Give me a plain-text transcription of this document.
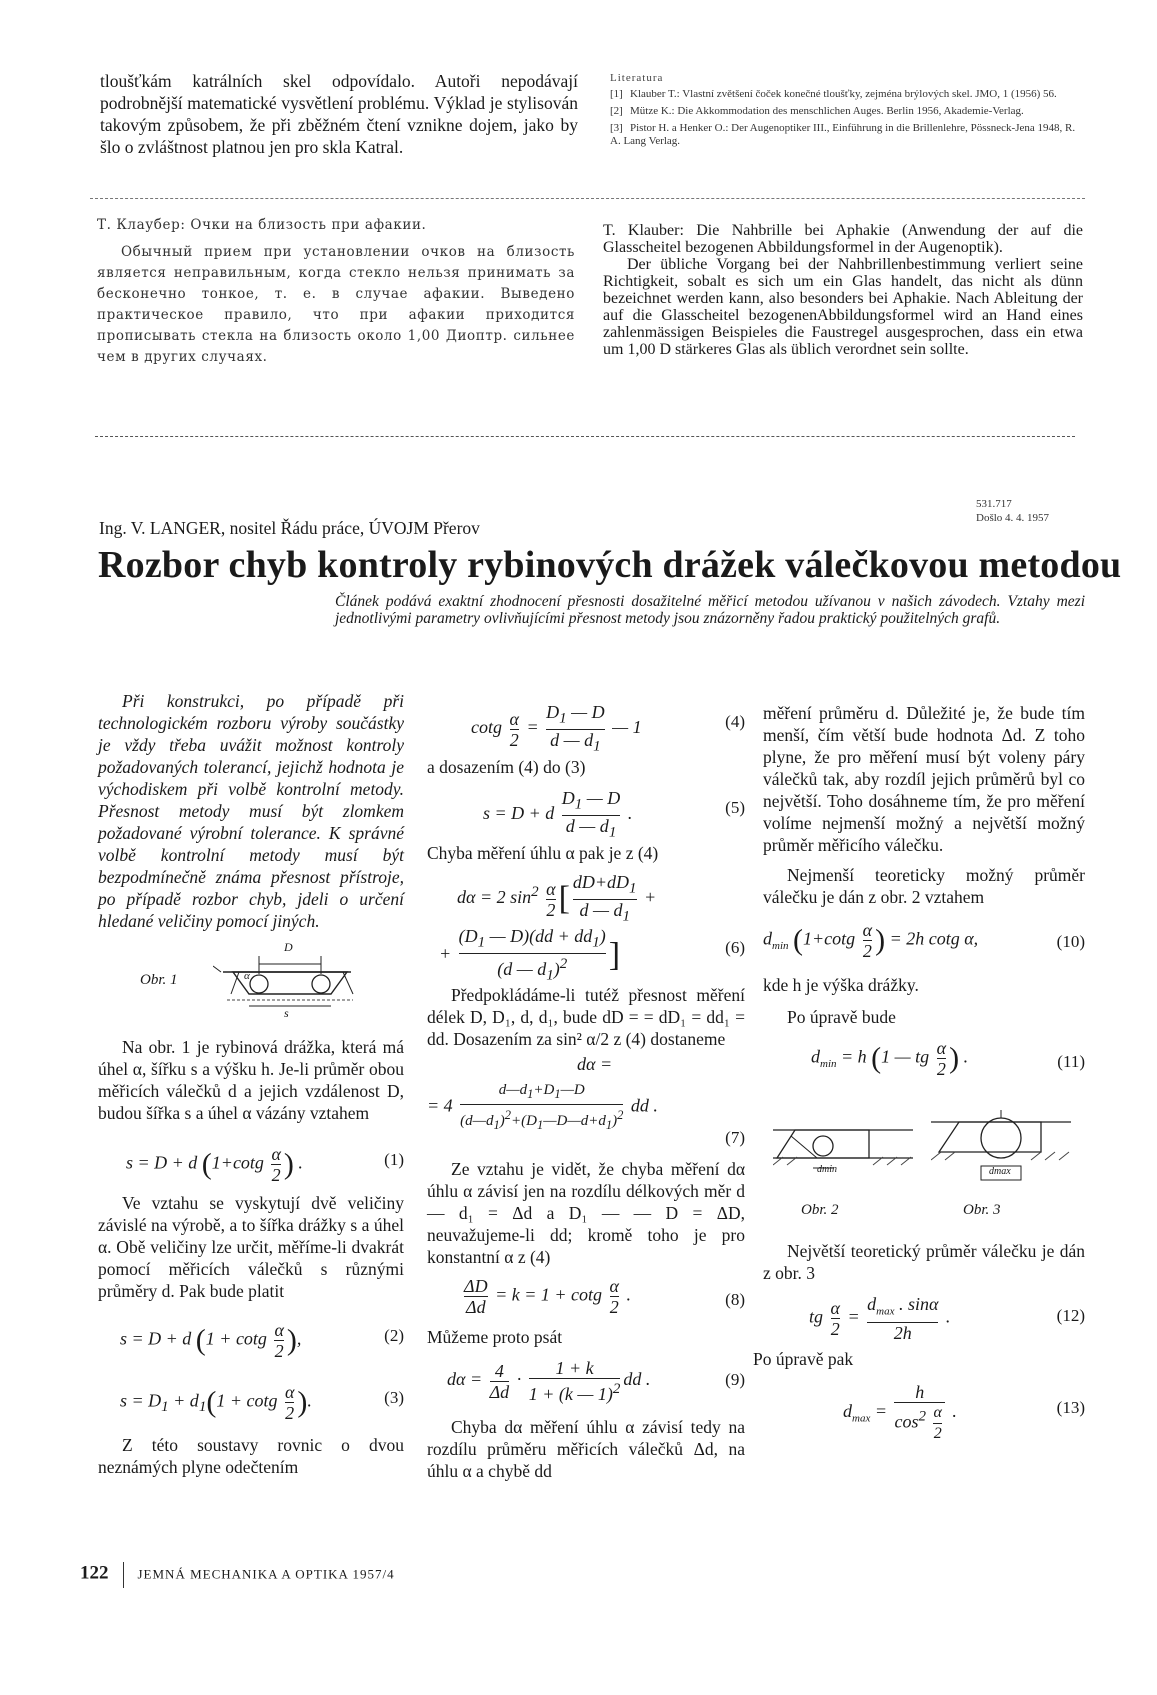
tloušťkám katrálních skel odpovídalo. Autoři nepodávají podrobnější matematické vysvětlení problému. Výklad je stylisován takovým způsobem, že při zběžném čtení vznikne dojem, jako by šlo o zvláštnost platnou jen pro skla Katral.
Literatura
[1] Klauber T.: Vlastní zvětšení čoček konečné tloušťky, zejména brýlových skel. JMO, 1 (1956) 56.
[2] Mütze K.: Die Akkommodation des menschlichen Auges. Berlin 1956, Akademie-Verlag.
[3] Pistor H. a Henker O.: Der Augenoptiker III., Einführung in die Brillenlehre, Pössneck-Jena 1948, R. A. Lang Verlag.
Т. Клаубер: Очки на близость при афакии.
Обычный прием при установлении очков на близость является неправильным, когда стекло нельзя принимать за бесконечно тонкое, т. е. в случае афакии. Выведено практическое правило, что при афакии приходится прописывать стекла на близость около 1,00 Диоптр. сильнее чем в других случаях.
T. Klauber: Die Nahbrille bei Aphakie (Anwendung der auf die Glasscheitel bezogenen Abbildungsformel in der Augenoptik).
Der übliche Vorgang bei der Nahbrillenbestimmung verliert seine Richtigkeit, sobalt es sich um ein Glas handelt, das nicht als dünn bezeichnet werden kann, also besonders bei Aphakie. Nach Ableitung der auf die Glasscheitel bezogenenAbbildungsformel wird an Hand eines zahlenmässigen Beispieles die Faustregel ausgesprochen, dass ein etwa um 1,00 D stärkeres Glas als üblich verordnet sein sollte.
Ing. V. LANGER, nositel Řádu práce, ÚVOJM Přerov
531.717
Došlo 4. 4. 1957
Rozbor chyb kontroly rybinových drážek válečkovou metodou
Článek podává exaktní zhodnocení přesnosti dosažitelné měřicí metodou užívanou v našich závodech. Vztahy mezi jednotlivými parametry ovlivňujícími přesnost metody jsou znázorněny řadou praktický použitelných grafů.
Při konstrukci, po případě při technologickém rozboru výroby součástky je vždy třeba uvážit možnost kontroly požadovaných tolerancí, jejichž hodnota je východiskem při volbě kontrolní metody. Přesnost metody musí být zlomkem požadované výrobní tolerance. K správné volbě kontrolní metody musí být bezpodmínečně známa přesnost přístroje, po případě rozbor chyb, jdeli o určení hledané veličiny pomocí jiných.
Obr. 1
D
s
α
Na obr. 1 je rybinová drážka, která má úhel α, šířku s a výšku h. Je-li průměr obou měřicích válečků d a jejich vzdálenost D, budou šířka s a úhel α vázány vztahem
s = D + d ($1+\cot g \frac{\alpha}{2}$ ) .	(1)
Ve vztahu se vyskytují dvě veličiny závislé na výrobě, a to šířka drážky s a úhel α. Obě veličiny lze určit, měříme-li dvakrát pomocí měřicích válečků s různými průměry d. Pak bude platit
s = D + d (1 + cotg $\frac{\alpha}{2}$ ),	(2)
$s = D_1 + d_1(1 + \cot g \frac{\alpha}{2}$ ).	(3)
Z této soustavy rovnic o dvou neznámých plyne odečtením
cotg $\frac{\alpha}{2} = \frac{D_1 — D}{d — d_1}$ — 1	(4)
a dosazením (4) do (3)
s = D + d $\frac{D_1 — D}{d — d_1}$ .	(5)
Chyba měření úhlu α pak je z (4)
dα = 2 $\sin^2 \frac{\alpha}{2}$ [ $\frac{dD+dD_1}{d — d_1}$ +
+ $\frac{(D_1 — D)(dd + dd_1)}{(d — d_1)^2}$ ]	(6)
Předpokládáme-li tutéž přesnost měření délek D, D₁, d, d₁, bude dD = = dD₁ = dd₁ = dd. Dosazením za sin² α/2 z (4) dostaneme
dα =
= $4 \frac{d—d_1+D_1—D}{(d—d_1)^2+(D_1—D—d+d_1)^2}$ dd .
(7)
Ze vztahu je vidět, že chyba měření dα úhlu α závisí jen na rozdílu délkových měr d — d₁ = Δd a D₁ — — D = ΔD, neuvažujeme-li dd; kromě toho je pro konstantní α z (4)
$\frac{\Delta D}{\Delta d} = k = 1 + \cot g \frac{\alpha}{2}$ .	(8)
Můžeme proto psát
$d\alpha = \frac{4}{\Delta d} \cdot \frac{1 + k}{1 + (k — 1)^2}$ dd .	(9)
Chyba dα měření úhlu α závisí tedy na rozdílu průměru měřicích válečků Δd, na úhlu α a chybě dd
měření průměru d. Důležité je, že bude tím menší, čím větší bude hodnota Δd. Z toho plyne, že pro měření musí být voleny páry válečků tak, aby rozdíl jejich průměrů byl co největší. Toho dosáhneme tím, že pro měření volíme nejmenší možný a největší možný průměr měřicího válečku.
Nejmenší teoreticky možný průměr válečku je dán z obr. 2 vztahem
$d_{min}$ ($1+\cot g \frac{\alpha}{2}$ ) = 2h cotg α,	(10)
kde h je výška drážky.
Po úpravě bude
$d_{min} = h$ (1 — tg $\frac{\alpha}{2}$ ) .	(11)
dmin	dmax
Obr. 2	Obr. 3
Největší teoretický průměr válečku je dán z obr. 3
tg $\frac{\alpha}{2} = \frac{d_{max} . \sin\alpha}{2h}$ .	(12)
Po úpravě pak
$d_{max} = \frac{h}{\cos^2 \frac{\alpha}{2}}$ .	(13)
122 JEMNÁ MECHANIKA A OPTIKA 1957/4
